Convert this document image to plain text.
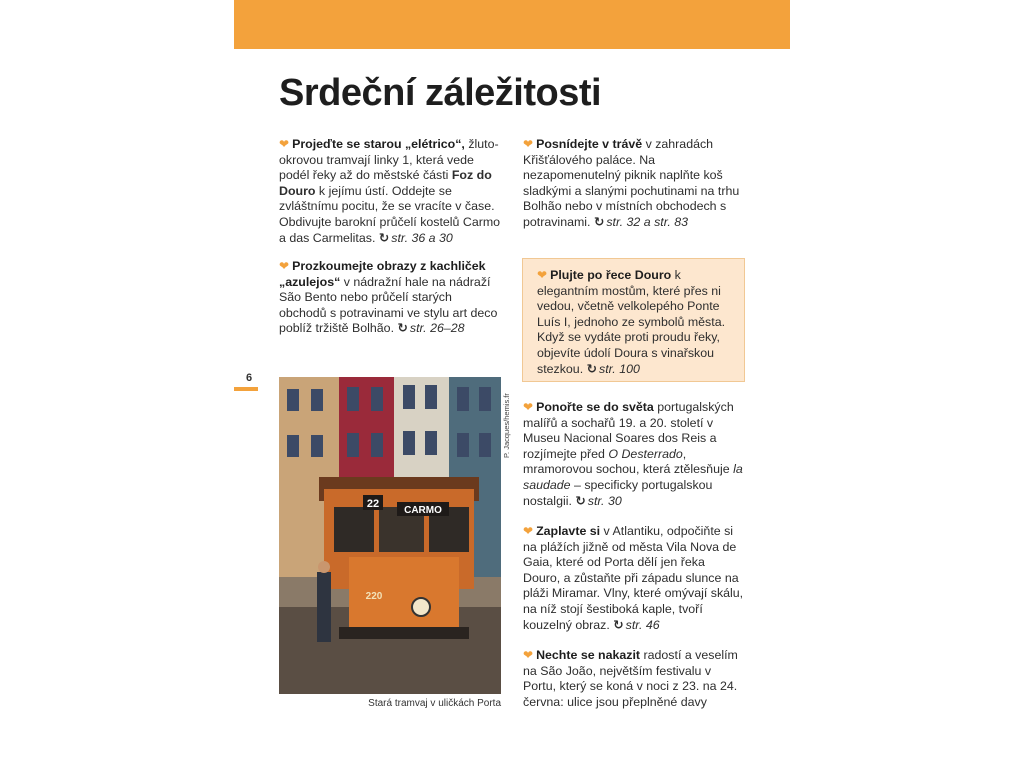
Srdeční záležitosti

❤ Projeďte se starou „elétrico“, žluto-okrovou tramvají linky 1, která vede podél řeky až do městské části Foz do Douro k jejímu ústí. Oddejte se zvláštnímu pocitu, že se vracíte v čase. Obdivujte barokní průčelí kostelů Carmo a das Carmelitas. ↻ str. 36 a 30

❤ Prozkoumejte obrazy z kachliček „azulejos“ v nádražní hale na nádraží São Bento nebo průčelí starých obchodů s potravinami ve stylu art deco poblíž tržiště Bolhão. ↻ str. 26–28

6
22
CARMO
220
P. Jacques/hemis.fr
Stará tramvaj v uličkách Porta

❤ Posnídejte v trávě v zahradách Křišťálového paláce. Na nezapomenutelný piknik naplňte koš sladkými a slanými pochutinami na trhu Bolhão nebo v místních obchodech s potravinami. ↻ str. 32 a str. 83

❤ Plujte po řece Douro k elegantním mostům, které přes ni vedou, včetně velkolepého Ponte Luís I, jednoho ze symbolů města. Když se vydáte proti proudu řeky, objevíte údolí Doura s vinařskou stezkou. ↻ str. 100

❤ Ponořte se do světa portugalských malířů a sochařů 19. a 20. století v Museu Nacional Soares dos Reis a rozjímejte před O Desterrado, mramorovou sochou, která ztělesňuje la saudade – specificky portugalskou nostalgii. ↻ str. 30

❤ Zaplavte si v Atlantiku, odpočiňte si na plážích jižně od města Vila Nova de Gaia, které od Porta dělí jen řeka Douro, a zůstaňte při západu slunce na pláži Miramar. Vlny, které omývají skálu, na níž stojí šestiboká kaple, tvoří kouzelný obraz. ↻ str. 46

❤ Nechte se nakazit radostí a veselím na São João, největším festivalu v Portu, který se koná v noci z 23. na 24. června: ulice jsou přeplněné davy
